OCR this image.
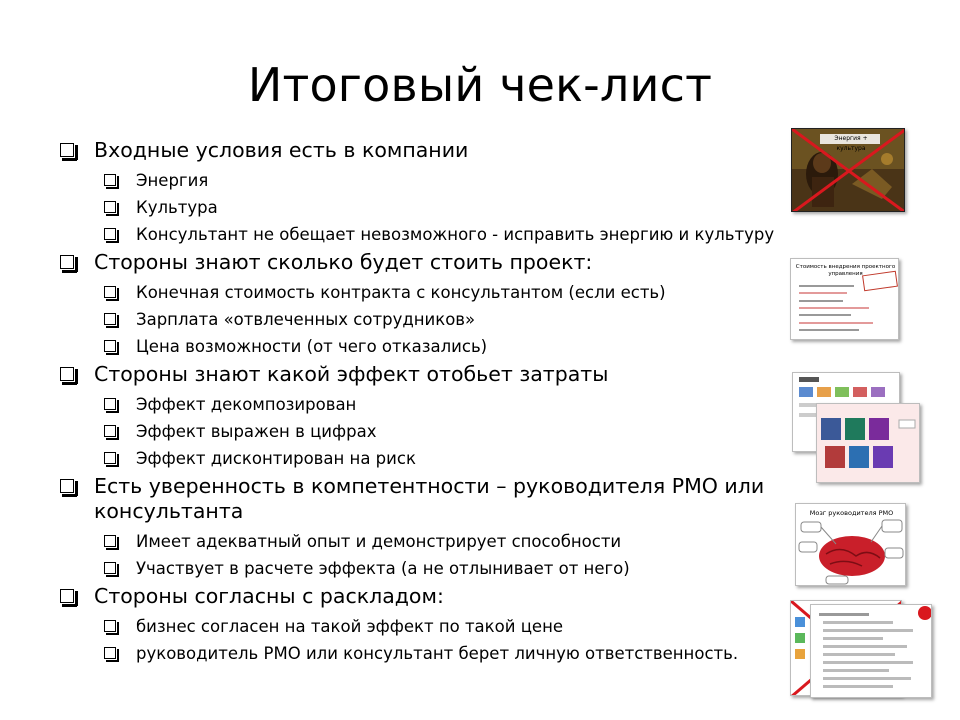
Итоговый чек-лист
Входные условия есть в компании
Энергия
Культура
Консультант не обещает невозможного - исправить энергию и культуру
Стороны знают сколько будет стоить проект:
Конечная стоимость контракта с консультантом (если есть)
Зарплата «отвлеченных сотрудников»
Цена возможности (от чего отказались)
Стороны знают какой эффект отобьет затраты
Эффект декомпозирован
Эффект выражен в цифрах
Эффект дисконтирован на риск
Есть уверенность в компетентности – руководителя PMO или
консультанта
Имеет адекватный опыт и демонстрирует способности
Участвует в расчете эффекта (а не отлынивает от него)
Стороны согласны с раскладом:
бизнес согласен на такой эффект по такой цене
руководитель PMO или консультант берет личную ответственность.
Энергия + культура
Стоимость внедрения проектного
управления
Мозг руководителя PMO
